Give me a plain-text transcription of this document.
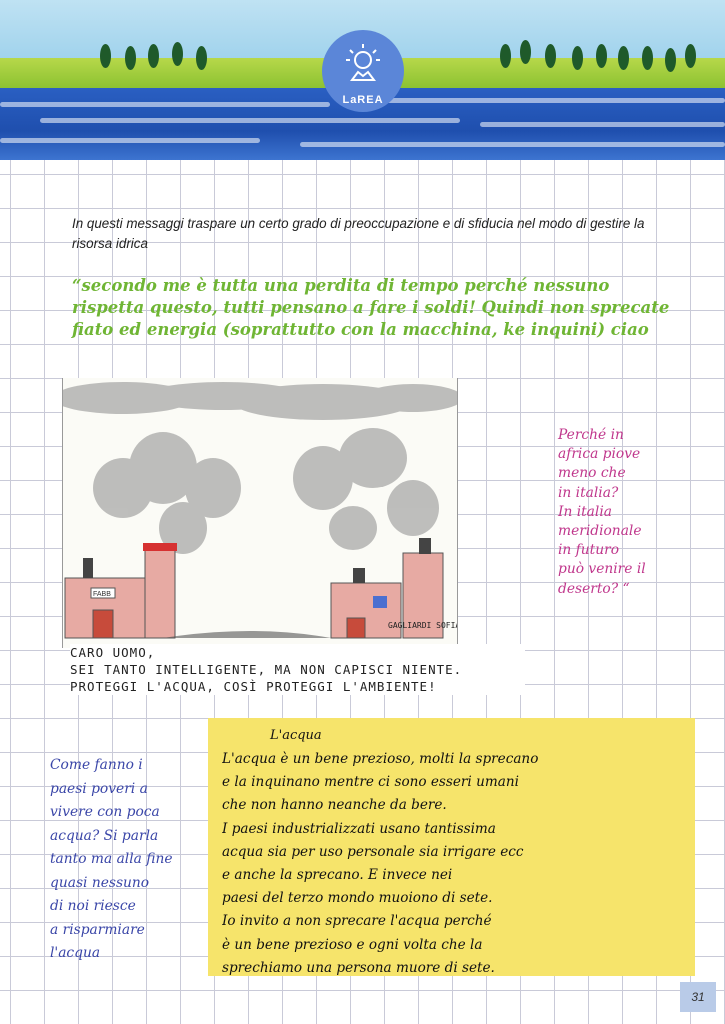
LaREA
In questi messaggi traspare un certo grado di preoccupazione e di sfiducia nel modo di gestire la risorsa idrica
“secondo me è tutta una perdita di tempo perché nessuno rispetta questo, tutti pensano a fare i soldi! Quindi non sprecate fiato ed energia (soprattutto con la macchina, ke inquini) ciao
FABB
GAGLIARDI SOFIA
CARO UOMO,
SEI TANTO INTELLIGENTE, MA NON CAPISCI NIENTE.
PROTEGGI L'ACQUA, COSÌ PROTEGGI L'AMBIENTE!
Perché in
africa piove
meno che
in italia?
In italia
meridionale
in futuro
può venire il
deserto? “
Come fanno i
paesi poveri a
vivere con poca
acqua? Si parla
tanto ma alla fine
quasi nessuno
di noi riesce
a risparmiare
l'acqua
L'acqua
L'acqua è un bene prezioso, molti la sprecano
e la inquinano mentre ci sono esseri umani
che non hanno neanche da bere.
I paesi industrializzati usano tantissima
acqua sia per uso personale sia irrigare ecc
e anche la sprecano. E invece nei
paesi del terzo mondo muoiono di sete.
Io invito a non sprecare l'acqua perché
è un bene prezioso e ogni volta che la
sprechiamo una persona muore di sete.
31
